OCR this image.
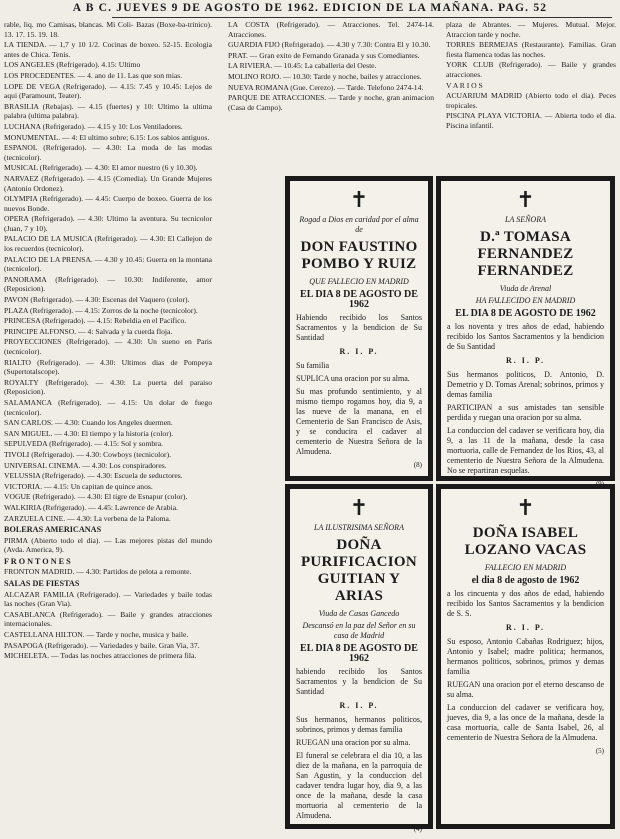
A B C. JUEVES 9 DE AGOSTO DE 1962. EDICION DE LA MAÑANA. PAG. 52

rable, liq. mo Camisas, blancas. Mi Coli- Bazas (Boxe-ba-trinico). 13. 17. 15. 19. 18.

LA TIENDA. — 1,7 y 10 1/2. Cocinas de boxeo. 52-15. Ecologia antes de Chica. Tenis.

LOS ANGELES (Refrigerado). 4.15: Ultimo

LOS PROCEDENTES. — 4. ano de 11. Las que son mias.

LOPE DE VEGA (Refrigerado). — 4.15: 7.45 y 10.45: Lejos de aqui (Paramount, Teater).

BRASILIA (Rebajas). — 4.15 (fuertes) y 10: Ultimo la ultima palabra (ultima palabra).

LUCHANA (Refrigerado). — 4.15 y 10: Los Ventiladores.

MONUMENTAL. — 4: El ultimo sobre; 6.15: Los sabios antiguos.

ESPANOL (Refrigerado). — 4.30: La moda de las modas (tecnicolor).

MUSICAL (Refrigerado). — 4.30: El amor nuestro (6 y 10.30).

NARVAEZ (Refrigerado). — 4.15 (Comedia). Un Grande Mujeres (Antonio Ordonez).

OLYMPIA (Refrigerado). — 4.45: Cuerpo de boxeo. Guerra de los nuevos Bonde.

OPERA (Refrigerado). — 4.30: Ultimo la aventura. Su tecnicolor (Juan, 7 y 10).

PALACIO DE LA MUSICA (Refrigerado). — 4.30: El Callejon de los recuerdos (tecnicolor).

PALACIO DE LA PRENSA. — 4.30 y 10.45: Guerra en la montana (tecnicolor).

PANORAMA (Refrigerado). — 10.30: Indiferente, amor (Reposicion).

PAVON (Refrigerado). — 4.30: Escenas del Vaquero (color).

PLAZA (Refrigerado). — 4.15: Zorros de la noche (tecnicolor).

PRINCESA (Refrigerado). — 4.15: Rebeldia en el Pacifico.

PRINCIPE ALFONSO. — 4: Salvada y la cuerda floja.

PROYECCIONES (Refrigerado). — 4.30: Un sueno en Paris (tecnicolor).

RIALTO (Refrigerado). — 4.30: Ultimos dias de Pompeya (Supertotalscope).

ROYALTY (Refrigerado). — 4.30: La puerta del paraiso (Reposicion).

SALAMANCA (Refrigerado). — 4.15: Un dolar de fuego (tecnicolor).

SAN CARLOS. — 4.30: Cuando los Angeles duermen.

SAN MIGUEL. — 4.30: El tiempo y la historia (color).

SEPULVEDA (Refrigerado). — 4.15: Sol y sombra.

TIVOLI (Refrigerado). — 4.30: Cowboys (tecnicolor).

UNIVERSAL CINEMA. — 4.30: Los conspiradores.

VELUSSIA (Refrigerado). — 4.30: Escuela de seductores.

VICTORIA. — 4.15: Un capitan de quince anos.

VOGUE (Refrigerado). — 4.30: El tigre de Esnapur (color).

WALKIRIA (Refrigerado). — 4.45: Lawrence de Arabia.

ZARZUELA CINE. — 4.30: La verbena de la Paloma.

BOLERAS AMERICANAS

PIRMA (Abierto todo el dia). — Las mejores pistas del mundo (Avda. America, 9).

F R O N T O N E S

FRONTON MADRID. — 4.30: Partidos de pelota a remonte.

SALAS DE FIESTAS

ALCAZAR FAMILIA (Refrigerado). — Variedades y baile todas las noches (Gran Via).

CASABLANCA (Refrigerado). — Baile y grandes atracciones internacionales.

CASTELLANA HILTON. — Tarde y noche, musica y baile.

PASAPOGA (Refrigerado). — Variedades y baile. Gran Via, 37.

MICHELETA. — Todas las noches atracciones de primera fila.

LA COSTA (Refrigerado). — Atracciones. Tel. 2474-14. Atracciones.

GUARDIA FIJO (Refrigerado). — 4.30 y 7.30: Contra El y 10.30.

PRAT. — Gran exito de Fernando Granada y sus Comediantes.

LA RIVIERA. — 10.45: La caballeria del Oeste.

MOLINO ROJO. — 10.30: Tarde y noche, bailes y atracciones.

NUEVA ROMANA (Gue. Cerezo). — Tarde. Telefono 2474-14.

PARQUE DE ATRACCIONES. — Tarde y noche, gran animacion (Casa de Campo).

plaza de Abrantes. — Mujeres. Mutual. Mejor. Atraccion tarde y noche.

TORRES BERMEJAS (Restaurante). Familias. Gran fiesta flamenca todas las noches.

YORK CLUB (Refrigerado). — Baile y grandes atracciones.

V A R I O S

ACUARIUM MADRID (Abierto todo el dia). Peces tropicales.

PISCINA PLAYA VICTORIA. — Abierta todo el dia. Piscina infantil.

✝
Rogad a Dios en caridad por el alma de
DON FAUSTINO POMBO Y RUIZ
QUE FALLECIO EN MADRID
EL DIA 8 DE AGOSTO DE 1962
Habiendo recibido los Santos Sacramentos y la bendicion de Su Santidad
R. I. P.
Su familia
SUPLICA una oracion por su alma.
Su mas profundo sentimiento, y al mismo tiempo rogamos hoy, dia 9, a las nueve de la manana, en el Cementerio de San Francisco de Asis, y se conducira el cadaver al cementerio de Nuestra Señora de la Almudena.
(8)
✝
LA SEÑORA
D.ª TOMASA FERNANDEZ FERNANDEZ
Viuda de Arenal
HA FALLECIDO EN MADRID
EL DIA 8 DE AGOSTO DE 1962
a los noventa y tres años de edad, habiendo recibido los Santos Sacramentos y la bendicion de Su Santidad
R. I. P.
Sus hermanos politicos, D. Antonio, D. Demetrio y D. Tomas Arenal; sobrinos, primos y demas familia
PARTICIPAN a sus amistades tan sensible perdida y ruegan una oracion por su alma.
La conduccion del cadaver se verificara hoy, dia 9, a las 11 de la mañana, desde la casa mortuoria, calle de Fernandez de los Rios, 43, al cementerio de Nuestra Señora de la Almudena. No se repartiran esquelas.
✝
LA ILUSTRISIMA SEÑORA
DOÑA PURIFICACION GUITIAN Y ARIAS
Viuda de Casas Gancedo
Descansó en la paz del Señor en su casa de Madrid
EL DIA 8 DE AGOSTO DE 1962
habiendo recibido los Santos Sacramentos y la bendicion de Su Santidad
R. I. P.
Sus hermanos, hermanos politicos, sobrinos, primos y demas familia
RUEGAN una oracion por su alma.
El funeral se celebrara el dia 10, a las diez de la mañana, en la parroquia de San Agustin, y la conduccion del cadaver tendra lugar hoy, dia 9, a las once de la mañana, desde la casa mortuoria al cementerio de la Almudena.
(4)
✝
DOÑA ISABEL LOZANO VACAS
FALLECIO EN MADRID
el dia 8 de agosto de 1962
a los cincuenta y dos años de edad, habiendo recibido los Santos Sacramentos y la bendicion de S. S.
R. I. P.
Su esposo, Antonio Cabañas Rodriguez; hijos, Antonio y Isabel; madre politica; hermanos, hermanos politicos, sobrinos, primos y demas familia
RUEGAN una oracion por el eterno descanso de su alma.
La conduccion del cadaver se verificara hoy, jueves, dia 9, a las once de la mañana, desde la casa mortuoria, calle de Santa Isabel, 26, al cementerio de Nuestra Señora de la Almudena.
(5)
